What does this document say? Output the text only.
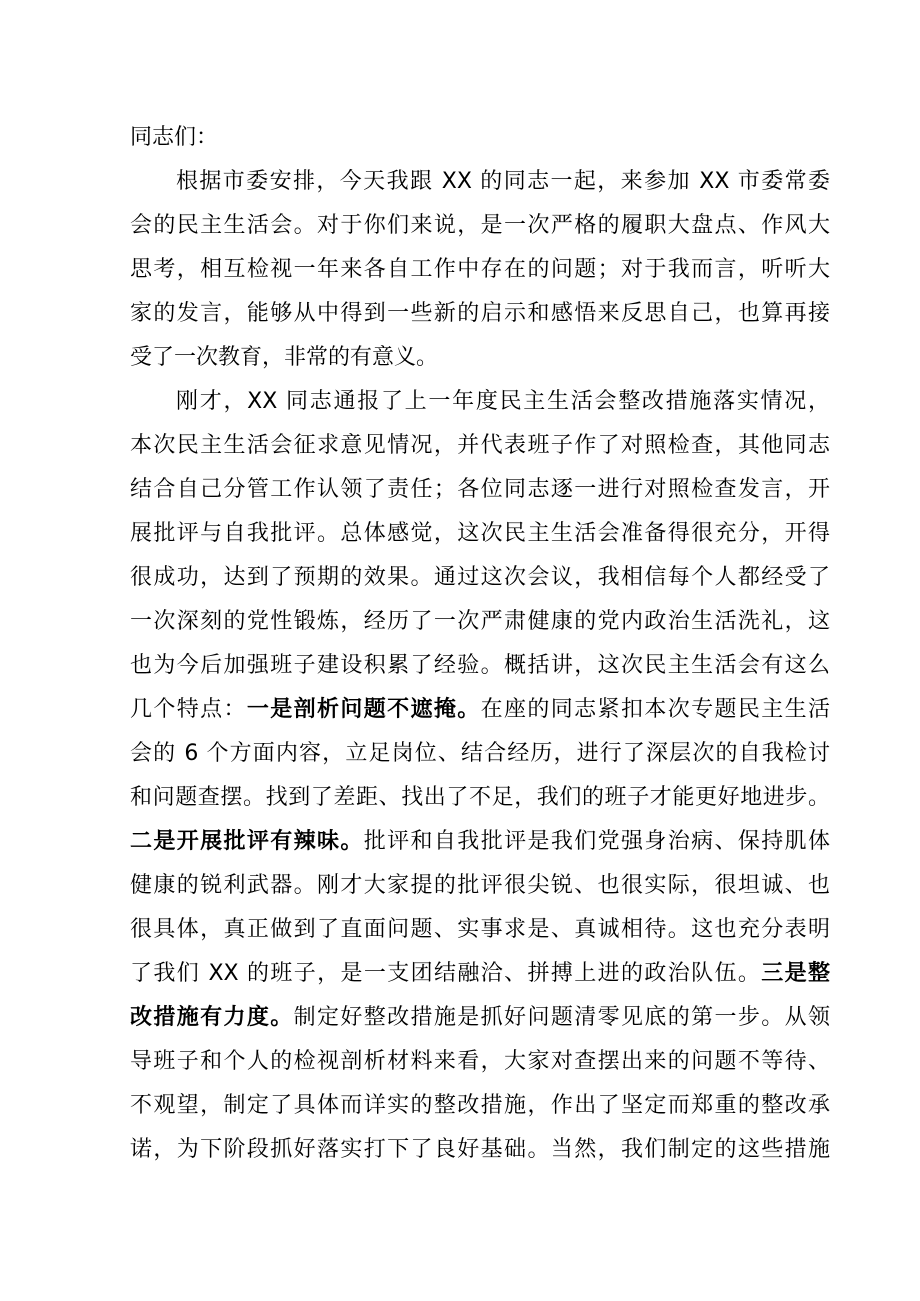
同志们：
根据市委安排，今天我跟 XX 的同志一起，来参加 XX 市委常委
会的民主生活会。对于你们来说，是一次严格的履职大盘点、作风大
思考，相互检视一年来各自工作中存在的问题；对于我而言，听听大
家的发言，能够从中得到一些新的启示和感悟来反思自己，也算再接
受了一次教育，非常的有意义。
刚才，XX 同志通报了上一年度民主生活会整改措施落实情况，
本次民主生活会征求意见情况，并代表班子作了对照检查，其他同志
结合自己分管工作认领了责任；各位同志逐一进行对照检查发言，开
展批评与自我批评。总体感觉，这次民主生活会准备得很充分，开得
很成功，达到了预期的效果。通过这次会议，我相信每个人都经受了
一次深刻的党性锻炼，经历了一次严肃健康的党内政治生活洗礼，这
也为今后加强班子建设积累了经验。概括讲，这次民主生活会有这么
几个特点：一是剖析问题不遮掩。在座的同志紧扣本次专题民主生活
会的 6 个方面内容，立足岗位、结合经历，进行了深层次的自我检讨
和问题查摆。找到了差距、找出了不足，我们的班子才能更好地进步。
二是开展批评有辣味。批评和自我批评是我们党强身治病、保持肌体
健康的锐利武器。刚才大家提的批评很尖锐、也很实际，很坦诚、也
很具体，真正做到了直面问题、实事求是、真诚相待。这也充分表明
了我们 XX 的班子，是一支团结融洽、拼搏上进的政治队伍。三是整
改措施有力度。制定好整改措施是抓好问题清零见底的第一步。从领
导班子和个人的检视剖析材料来看，大家对查摆出来的问题不等待、
不观望，制定了具体而详实的整改措施，作出了坚定而郑重的整改承
诺，为下阶段抓好落实打下了良好基础。当然，我们制定的这些措施
